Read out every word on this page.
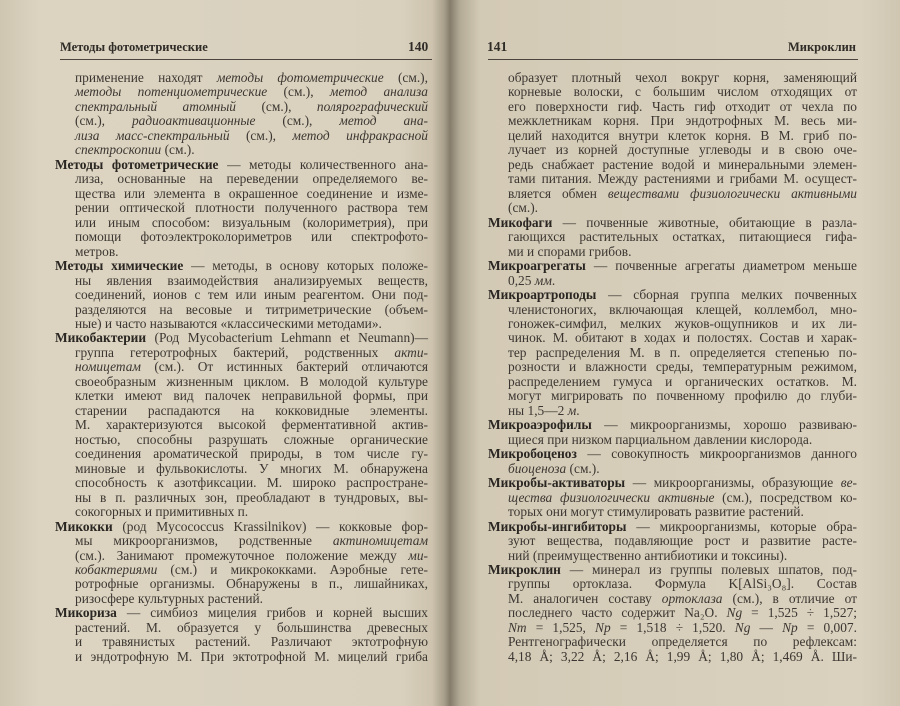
Методы фотометрические	140
применение находят методы фотометрические (см.),
методы потенциометрические (см.), метод анализа
спектральный атомный (см.), полярографический
(см.), радиоактивационные (см.), метод ана-
лиза масс-спектральный (см.), метод инфракрасной
спектроскопии (см.).
Методы фотометрические — методы количественного ана-
лиза, основанные на переведении определяемого ве-
щества или элемента в окрашенное соединение и изме-
рении оптической плотности полученного раствора тем
или иным способом: визуальным (колориметрия), при
помощи фотоэлектроколориметров или спектрофото-
метров.
Методы химические — методы, в основу которых положе-
ны явления взаимодействия анализируемых веществ,
соединений, ионов с тем или иным реагентом. Они под-
разделяются на весовые и титриметрические (объем-
ные) и часто называются «классическими методами».
Микобактерии (Род Mycobacterium Lehmann et Neumann)—
группа гетеротрофных бактерий, родственных акти-
номицетам (см.). От истинных бактерий отличаются
своеобразным жизненным циклом. В молодой культуре
клетки имеют вид палочек неправильной формы, при
старении распадаются на кокковидные элементы.
М. характеризуются высокой ферментативной актив-
ностью, способны разрушать сложные органические
соединения ароматической природы, в том числе гу-
миновые и фульвокислоты. У многих М. обнаружена
способность к азотфиксации. М. широко распростране-
ны в п. различных зон, преобладают в тундровых, вы-
сокогорных и примитивных п.
Микокки (род Mycococcus Krassilnikov) — кокковые фор-
мы микроорганизмов, родственные актиномицетам
(см.). Занимают промежуточное положение между ми-
кобактериями (см.) и микрококками. Аэробные гете-
ротрофные организмы. Обнаружены в п., лишайниках,
ризосфере культурных растений.
Микориза — симбиоз мицелия грибов и корней высших
растений. М. образуется у большинства древесных
и травянистых растений. Различают эктотрофную
и эндотрофную М. При эктотрофной М. мицелий гриба
Микроклин
141
образует плотный чехол вокруг корня, заменяющий
корневые волоски, с большим числом отходящих от
его поверхности гиф. Часть гиф отходит от чехла по
межклетникам корня. При эндотрофных М. весь ми-
целий находится внутри клеток корня. В М. гриб по-
лучает из корней доступные углеводы и в свою оче-
редь снабжает растение водой и минеральными элемен-
тами питания. Между растениями и грибами М. осущест-
вляется обмен веществами физиологически активными
(см.).
Микофаги — почвенные животные, обитающие в разла-
гающихся растительных остатках, питающиеся гифа-
ми и спорами грибов.
Микроагрегаты — почвенные агрегаты диаметром меньше
0,25 мм.
Микроартроподы — сборная группа мелких почвенных
членистоногих, включающая клещей, коллембол, мно-
гоножек-симфил, мелких жуков-ощупников и их ли-
чинок. М. обитают в ходах и полостях. Состав и харак-
тер распределения М. в п. определяется степенью по-
розности и влажности среды, температурным режимом,
распределением гумуса и органических остатков. М.
могут мигрировать по почвенному профилю до глуби-
ны 1,5—2 м.
Микроаэрофилы — микроорганизмы, хорошо развиваю-
щиеся при низком парциальном давлении кислорода.
Микробоценоз — совокупность микроорганизмов данного
биоценоза (см.).
Микробы-активаторы — микроорганизмы, образующие ве-
щества физиологически активные (см.), посредством ко-
торых они могут стимулировать развитие растений.
Микробы-ингибиторы — микроорганизмы, которые обра-
зуют вещества, подавляющие рост и развитие расте-
ний (преимущественно антибиотики и токсины).
Микроклин — минерал из группы полевых шпатов, под-
группы ортоклаза. Формула K[AlSi₃O₈]. Состав
М. аналогичен составу ортоклаза (см.), в отличие от
последнего часто содержит Na₂O. Ng = 1,525 ÷ 1,527;
Nm = 1,525, Np = 1,518 ÷ 1,520. Ng — Np = 0,007.
Рентгенографически определяется по рефлексам:
4,18 Å; 3,22 Å; 2,16 Å; 1,99 Å; 1,80 Å; 1,469 Å. Ши-
